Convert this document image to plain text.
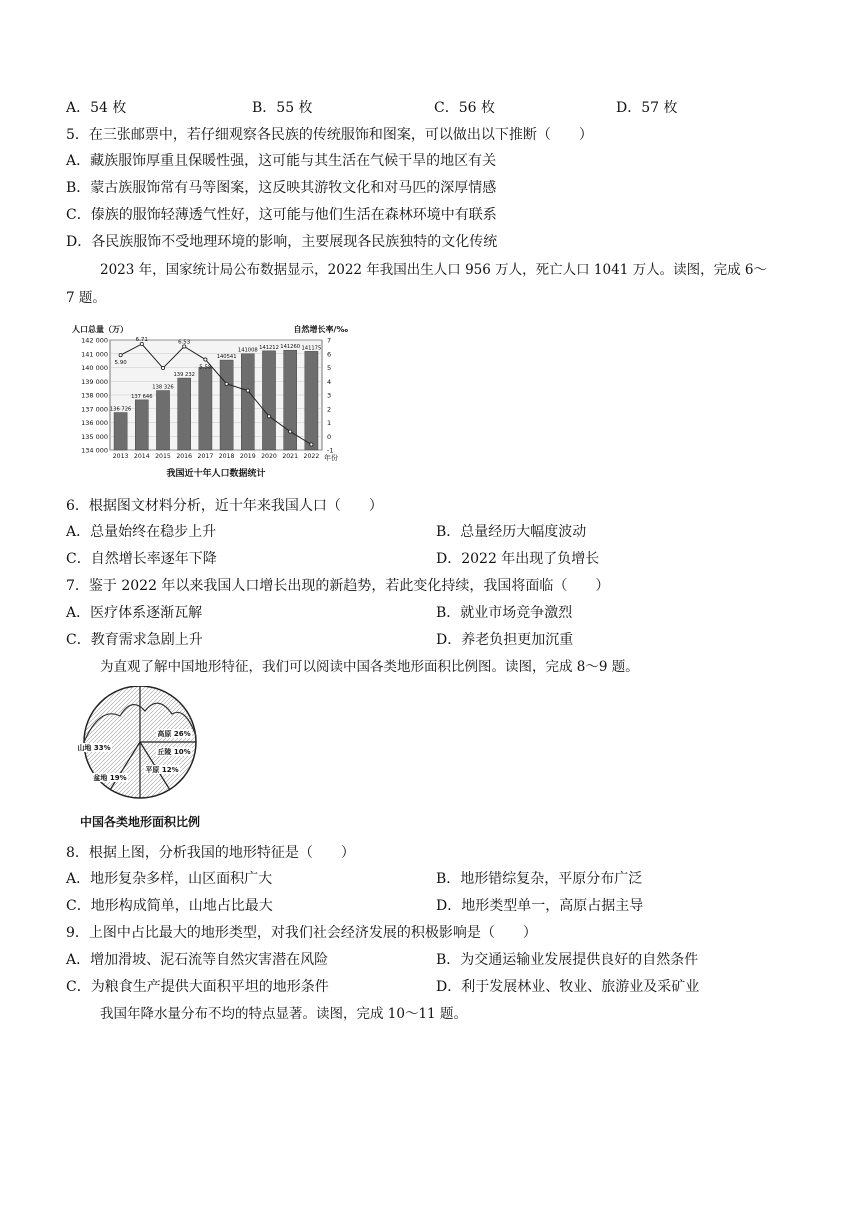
A．54 枚	B．55 枚	C．56 枚	D．57 枚
5．在三张邮票中，若仔细观察各民族的传统服饰和图案，可以做出以下推断（　　）
A．藏族服饰厚重且保暖性强，这可能与其生活在气候干旱的地区有关
B．蒙古族服饰常有马等图案，这反映其游牧文化和对马匹的深厚情感
C．傣族的服饰轻薄透气性好，这可能与他们生活在森林环境中有联系
D．各民族服饰不受地理环境的影响，主要展现各民族独特的文化传统
2023 年，国家统计局公布数据显示，2022 年我国出生人口 956 万人，死亡人口 1041 万人。读图，完成 6～
7 题。
人口总量（万）	自然增长率/‰
年份
我国近十年人口数据统计
142 000
141 000
140 000
139 000
138 000
137 000
136 000
135 000
134 000
7
6
5
4
3
2
1
0
-1
136 726
2013
137 646
2014
138 326
2015
139 232
2016 2017
140541
2018
141008
2019
141212
2020
141260
2021
141175
2022
5.90
6.71	6.53
5.58
6．根据图文材料分析，近十年来我国人口（　　）
A．总量始终在稳步上升	B．总量经历大幅度波动
C．自然增长率逐年下降	D．2022 年出现了负增长
7．鉴于 2022 年以来我国人口增长出现的新趋势，若此变化持续，我国将面临（　　）
A．医疗体系逐渐瓦解	B．就业市场竞争激烈
C．教育需求急剧上升	D．养老负担更加沉重
为直观了解中国地形特征，我们可以阅读中国各类地形面积比例图。读图，完成 8～9 题。
山地 33%
高原 26%
盆地 19%
平原 12%
丘陵 10%
中国各类地形面积比例
8．根据上图，分析我国的地形特征是（　　）
A．地形复杂多样，山区面积广大	B．地形错综复杂，平原分布广泛
C．地形构成简单，山地占比最大	D．地形类型单一，高原占据主导
9．上图中占比最大的地形类型，对我们社会经济发展的积极影响是（　　）
A．增加滑坡、泥石流等自然灾害潜在风险	B．为交通运输业发展提供良好的自然条件
C．为粮食生产提供大面积平坦的地形条件	D．利于发展林业、牧业、旅游业及采矿业
我国年降水量分布不均的特点显著。读图，完成 10～11 题。
